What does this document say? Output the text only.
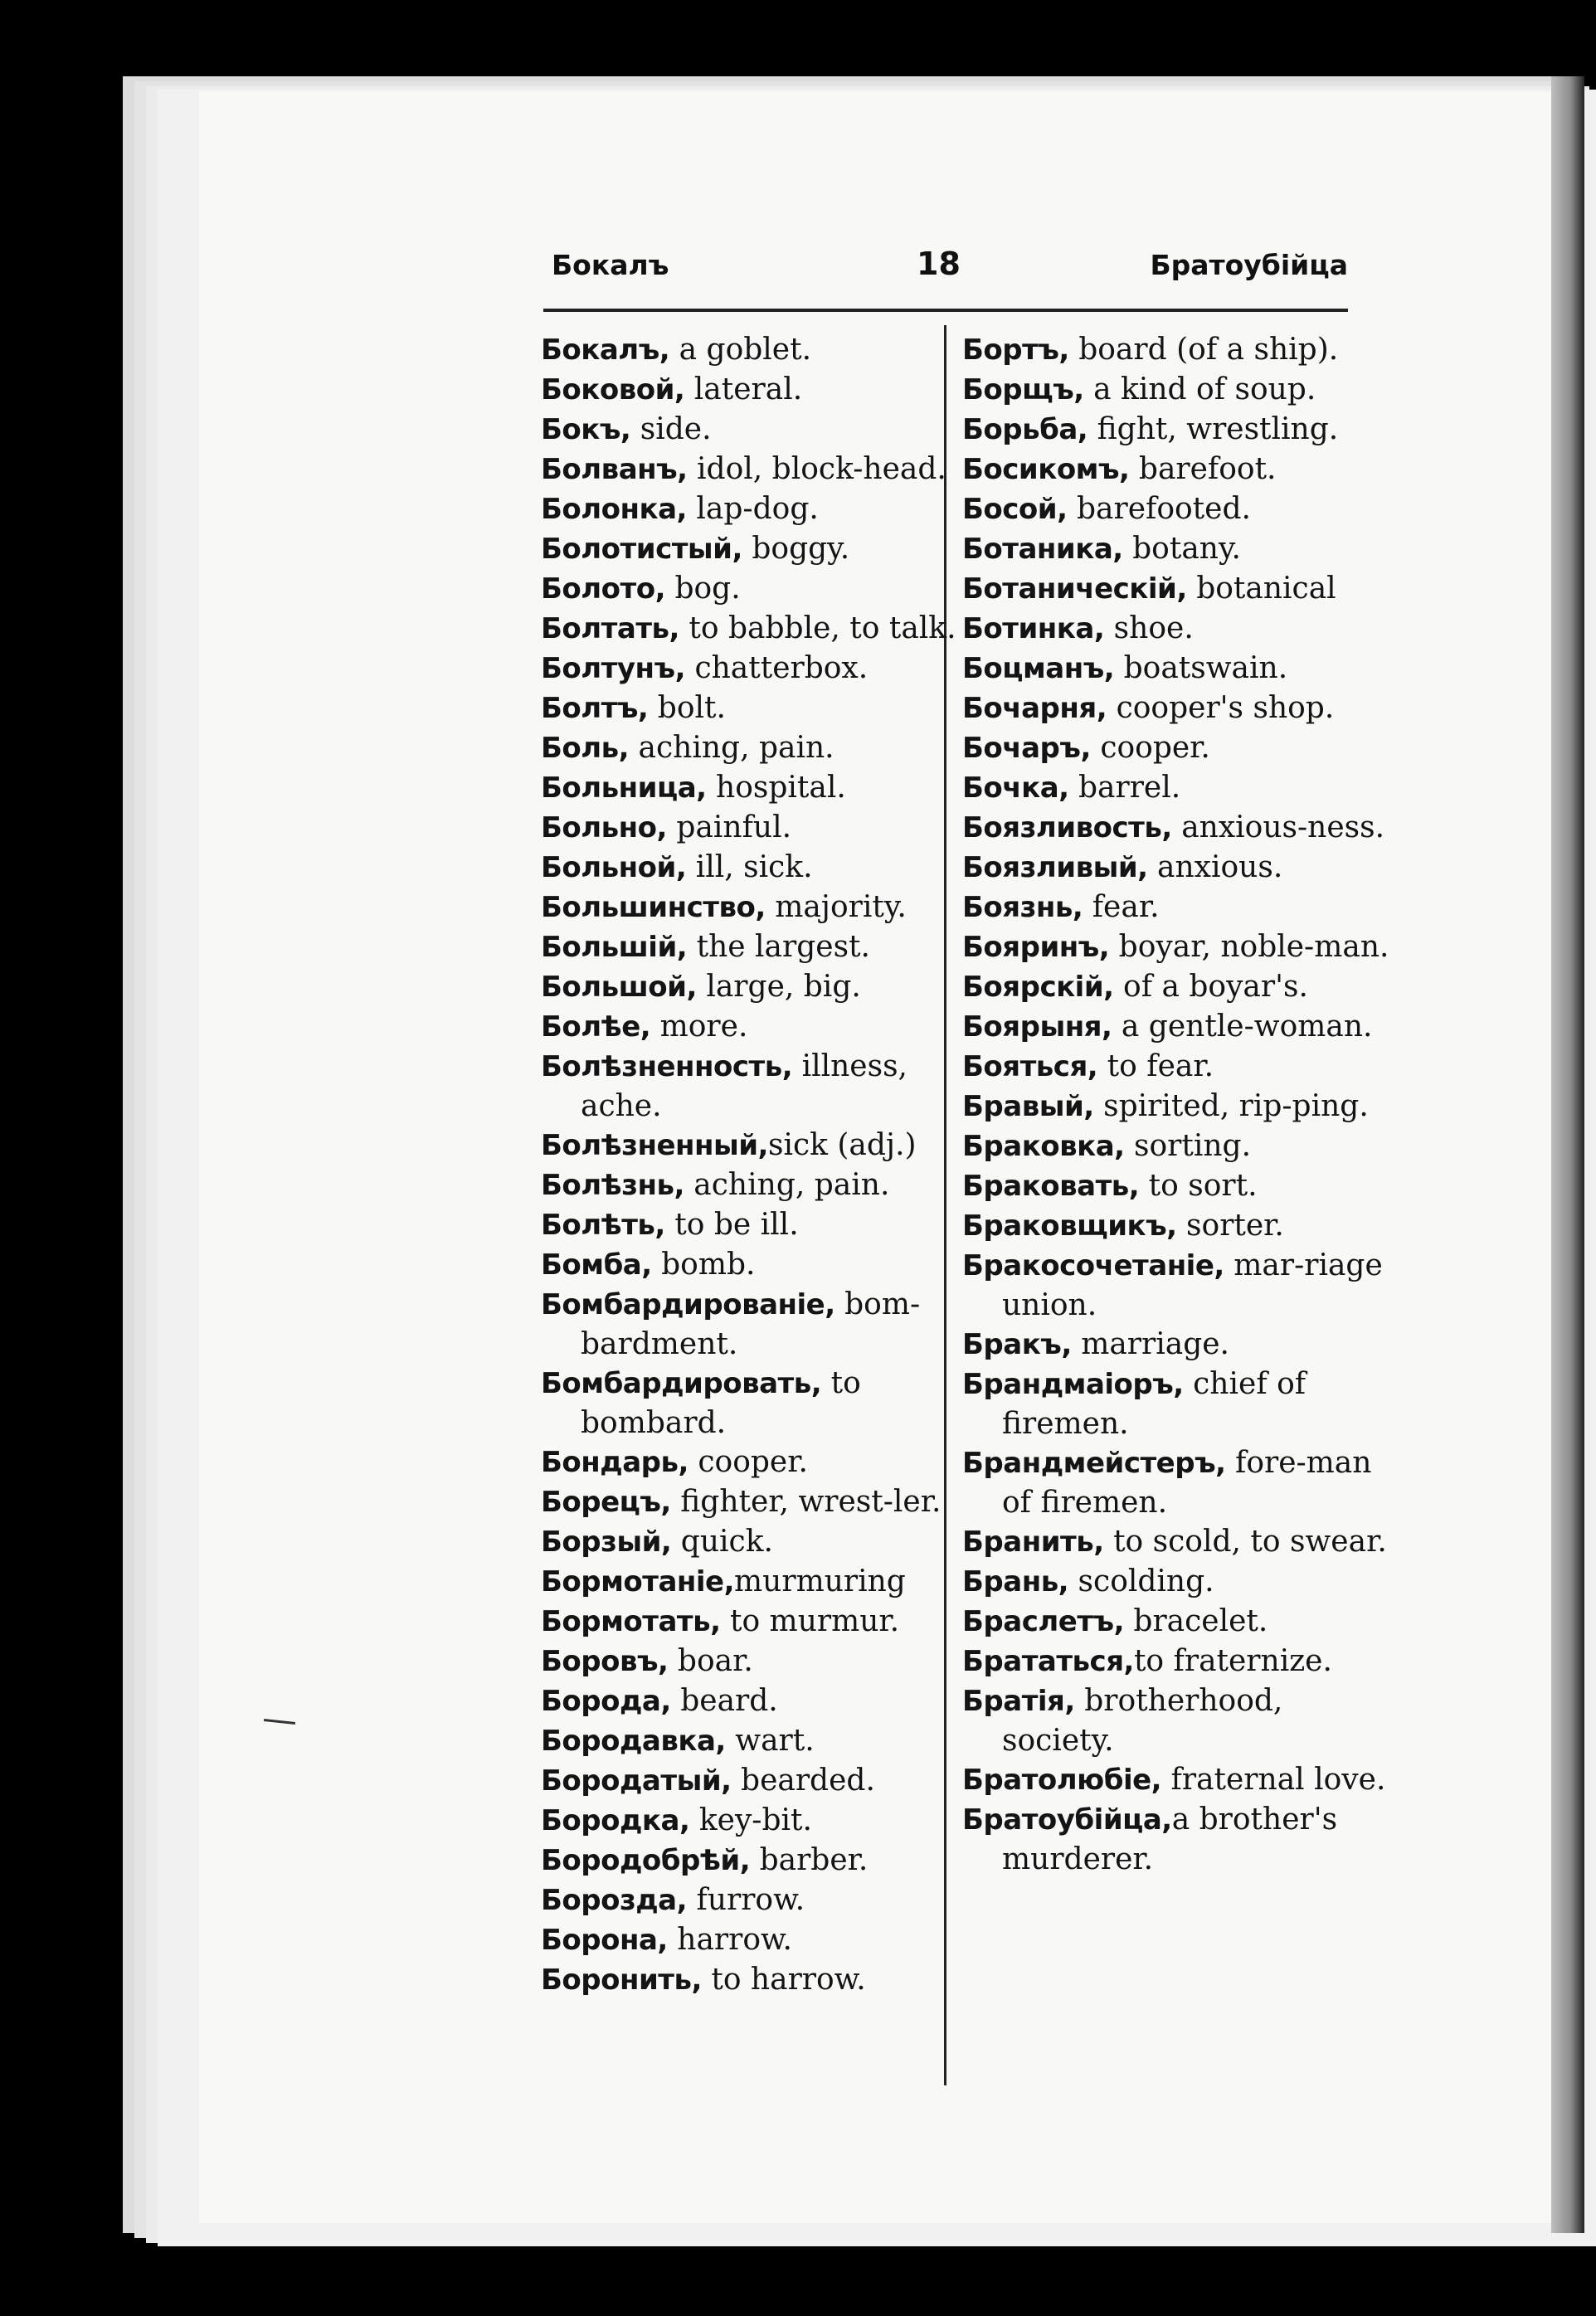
Бокалъ	18	Братоубійца
Бокалъ, a goblet.
Боковой, lateral.
Бокъ, side.
Болванъ, idol, block-head.
Болонка, lap-dog.
Болотистый, boggy.
Болото, bog.
Болтать, to babble, to talk.
Болтунъ, chatterbox.
Болтъ, bolt.
Боль, aching, pain.
Больница, hospital.
Больно, painful.
Больной, ill, sick.
Большинство, majority.
Большій, the largest.
Большой, large, big.
Болѣе, more.
Болѣзненность, illness, ache.
Болѣзненный,sick (adj.)
Болѣзнь, aching, pain.
Болѣть, to be ill.
Бомба, bomb.
Бомбардированіе, bom-bardment.
Бомбардировать, to bombard.
Бондарь, cooper.
Борецъ, fighter, wrest-ler.
Борзый, quick.
Бормотаніе,murmuring
Бормотать, to murmur.
Боровъ, boar.
Борода, beard.
Бородавка, wart.
Бородатый, bearded.
Бородка, key-bit.
Бородобрѣй, barber.
Борозда, furrow.
Борона, harrow.
Боронить, to harrow.
Бортъ, board (of a ship).
Борщъ, a kind of soup.
Борьба, fight, wrestling.
Босикомъ, barefoot.
Босой, barefooted.
Ботаника, botany.
Ботаническій, botanical
Ботинка, shoe.
Боцманъ, boatswain.
Бочарня, cooper's shop.
Бочаръ, cooper.
Бочка, barrel.
Боязливость, anxious-ness.
Боязливый, anxious.
Боязнь, fear.
Бояринъ, boyar, noble-man.
Боярскій, of a boyar's.
Боярыня, a gentle-woman.
Бояться, to fear.
Бравый, spirited, rip-ping.
Браковка, sorting.
Браковать, to sort.
Браковщикъ, sorter.
Бракосочетаніе, mar-riage union.
Бракъ, marriage.
Брандмаіоръ, chief of firemen.
Брандмейстеръ, fore-man of firemen.
Бранить, to scold, to swear.
Брань, scolding.
Браслетъ, bracelet.
Брататься,to fraternize.
Братія, brotherhood, society.
Братолюбіе, fraternal love.
Братоубійца,a brother's murderer.
